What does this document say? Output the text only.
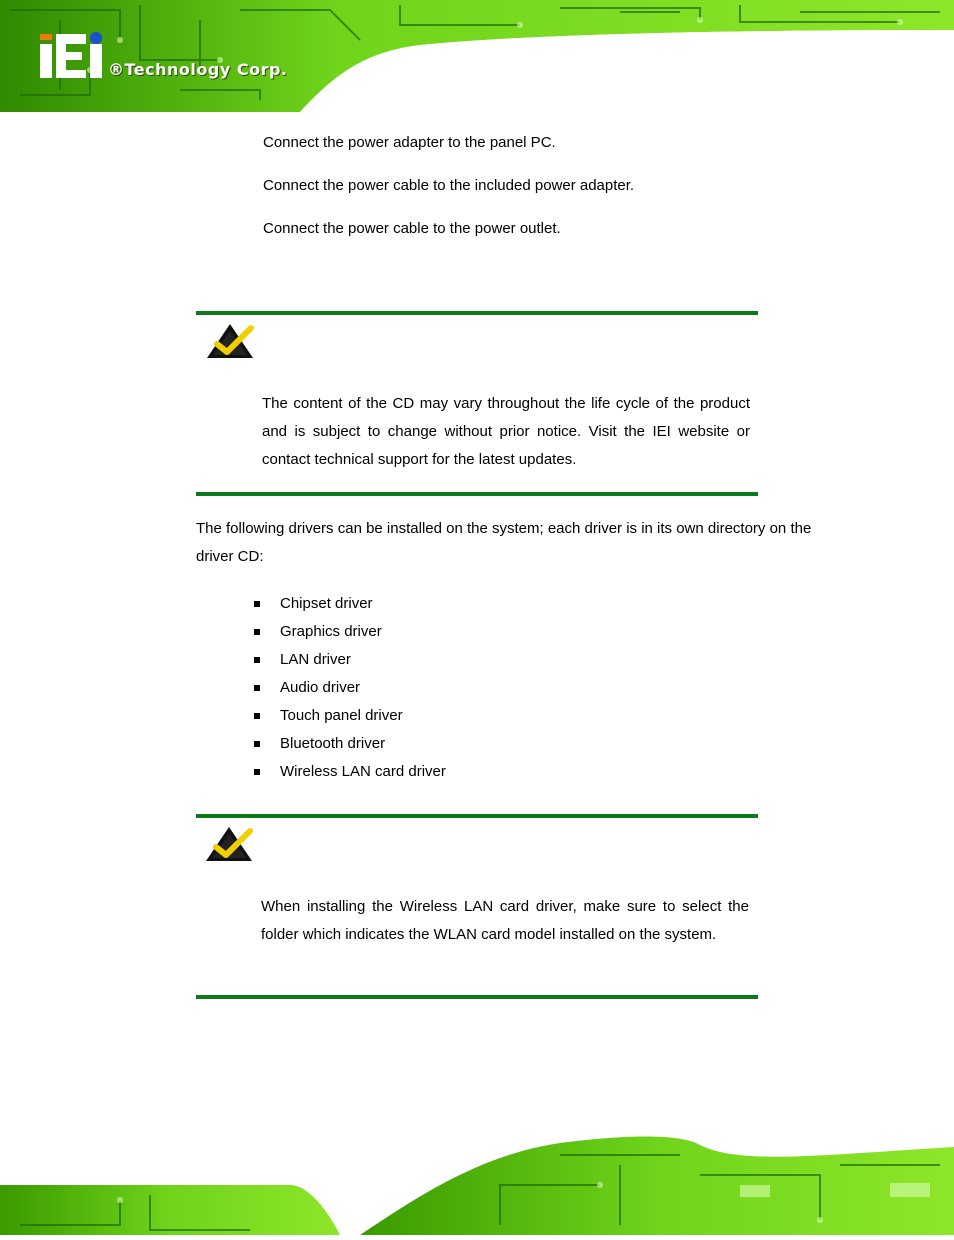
®Technology Corp.
Connect the power adapter to the panel PC.
Connect the power cable to the included power adapter.
Connect the power cable to the power outlet.
The content of the CD may vary throughout the life cycle of the product and is subject to change without prior notice. Visit the IEI website or contact technical support for the latest updates.
The following drivers can be installed on the system; each driver is in its own directory on the driver CD:
Chipset driver
Graphics driver
LAN driver
Audio driver
Touch panel driver
Bluetooth driver
Wireless LAN card driver
When installing the Wireless LAN card driver, make sure to select the folder which indicates the WLAN card model installed on the system.
